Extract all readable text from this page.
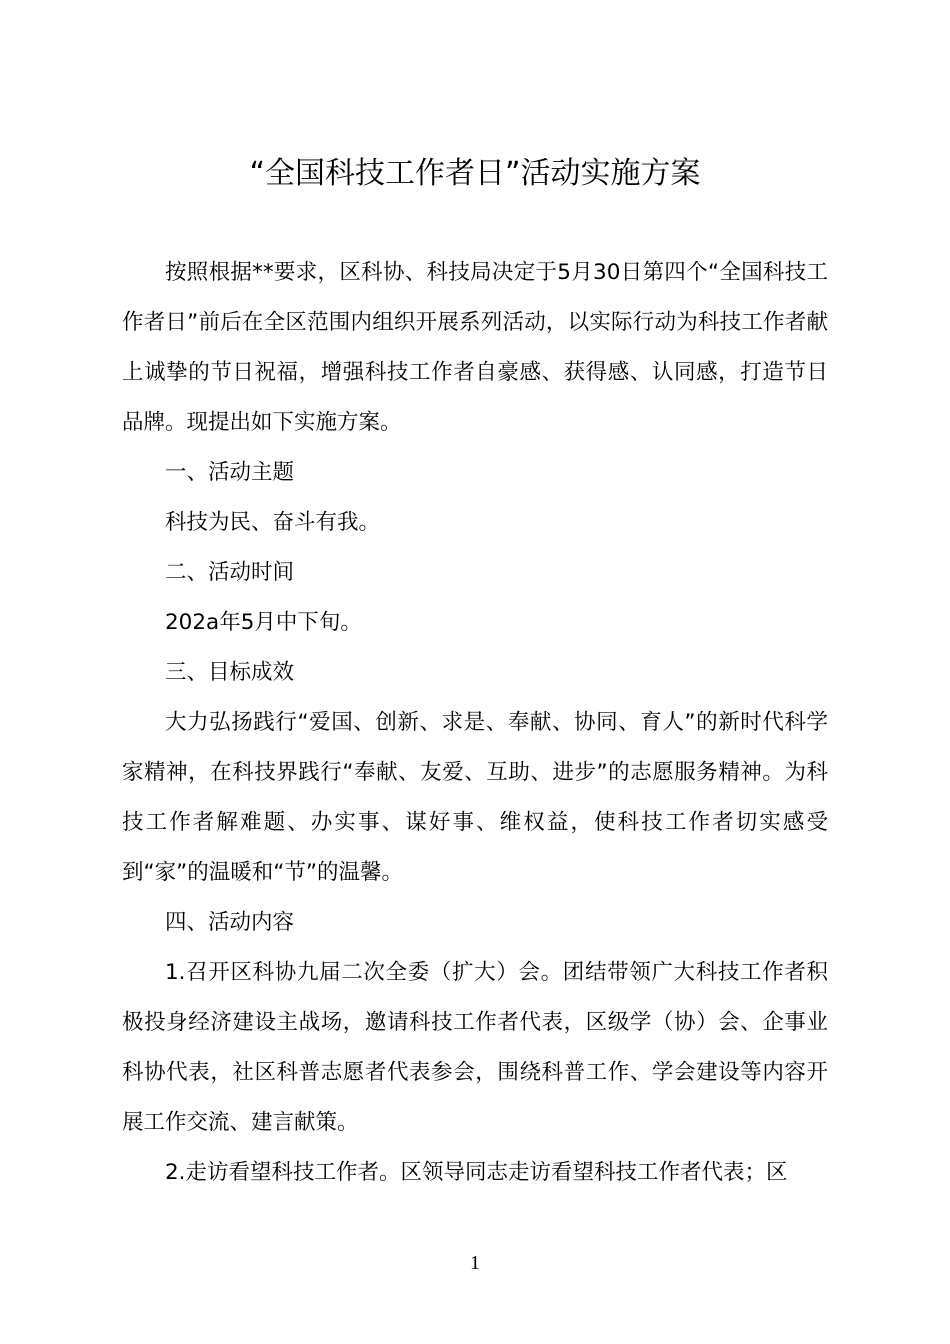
“全国科技工作者日”活动实施方案

按照根据**要求，区科协、科技局决定于5月30日第四个“全国科技工作者日”前后在全区范围内组织开展系列活动，以实际行动为科技工作者献上诚挚的节日祝福，增强科技工作者自豪感、获得感、认同感，打造节日品牌。现提出如下实施方案。

一、活动主题

科技为民、奋斗有我。

二、活动时间

202a年5月中下旬。

三、目标成效

大力弘扬践行“爱国、创新、求是、奉献、协同、育人”的新时代科学家精神，在科技界践行“奉献、友爱、互助、进步”的志愿服务精神。为科技工作者解难题、办实事、谋好事、维权益，使科技工作者切实感受到“家”的温暖和“节”的温馨。

四、活动内容

1.召开区科协九届二次全委（扩大）会。团结带领广大科技工作者积极投身经济建设主战场，邀请科技工作者代表，区级学（协）会、企事业科协代表，社区科普志愿者代表参会，围绕科普工作、学会建设等内容开展工作交流、建言献策。

2.走访看望科技工作者。区领导同志走访看望科技工作者代表；区

1
